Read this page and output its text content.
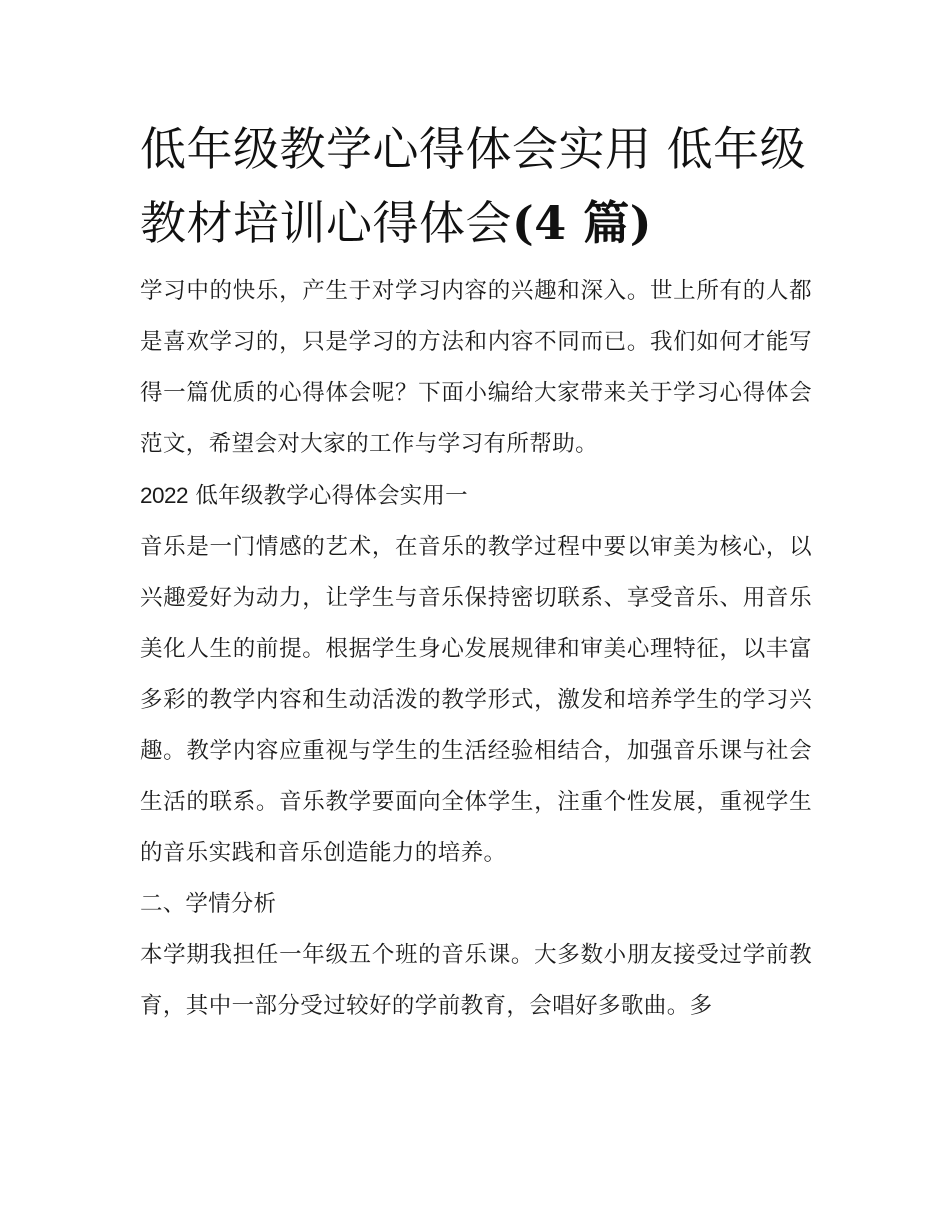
低年级教学心得体会实用 低年级教材培训心得体会(4 篇)

学习中的快乐，产生于对学习内容的兴趣和深入。世上所有的人都是喜欢学习的，只是学习的方法和内容不同而已。我们如何才能写得一篇优质的心得体会呢？下面小编给大家带来关于学习心得体会范文，希望会对大家的工作与学习有所帮助。

2022 低年级教学心得体会实用一

音乐是一门情感的艺术，在音乐的教学过程中要以审美为核心，以兴趣爱好为动力，让学生与音乐保持密切联系、享受音乐、用音乐美化人生的前提。根据学生身心发展规律和审美心理特征，以丰富多彩的教学内容和生动活泼的教学形式，激发和培养学生的学习兴趣。教学内容应重视与学生的生活经验相结合，加强音乐课与社会生活的联系。音乐教学要面向全体学生，注重个性发展，重视学生的音乐实践和音乐创造能力的培养。

二、学情分析

本学期我担任一年级五个班的音乐课。大多数小朋友接受过学前教育，其中一部分受过较好的学前教育，会唱好多歌曲。多
